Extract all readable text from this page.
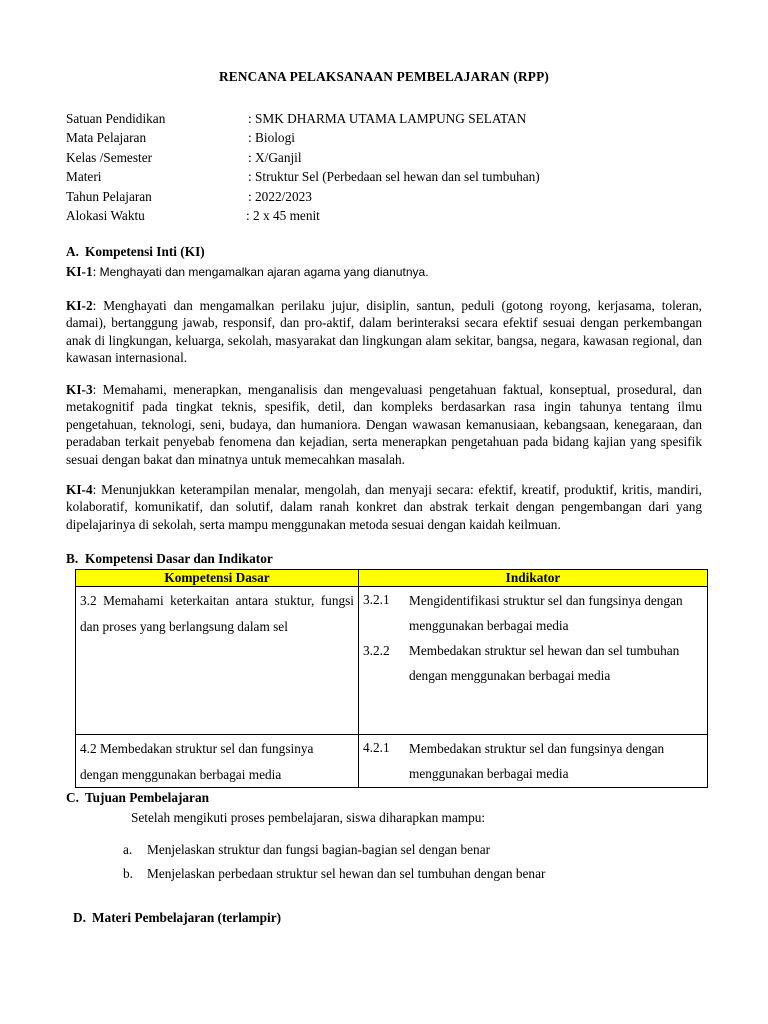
RENCANA PELAKSANAAN PEMBELAJARAN (RPP)
Satuan Pendidikan	: SMK DHARMA UTAMA LAMPUNG SELATAN
Mata Pelajaran	: Biologi
Kelas /Semester	: X/Ganjil
Materi	: Struktur Sel (Perbedaan sel hewan dan sel tumbuhan)
Tahun Pelajaran	: 2022/2023
Alokasi Waktu	: 2 x 45 menit
A. Kompetensi Inti (KI)
KI-1: Menghayati dan mengamalkan ajaran agama yang dianutnya.
KI-2: Menghayati dan mengamalkan perilaku jujur, disiplin, santun, peduli (gotong royong, kerjasama, toleran, damai), bertanggung jawab, responsif, dan pro-aktif, dalam berinteraksi secara efektif sesuai dengan perkembangan anak di lingkungan, keluarga, sekolah, masyarakat dan lingkungan alam sekitar, bangsa, negara, kawasan regional, dan kawasan internasional.
KI-3: Memahami, menerapkan, menganalisis dan mengevaluasi pengetahuan faktual, konseptual, prosedural, dan metakognitif pada tingkat teknis, spesifik, detil, dan kompleks berdasarkan rasa ingin tahunya tentang ilmu pengetahuan, teknologi, seni, budaya, dan humaniora. Dengan wawasan kemanusiaan, kebangsaan, kenegaraan, dan peradaban terkait penyebab fenomena dan kejadian, serta menerapkan pengetahuan pada bidang kajian yang spesifik sesuai dengan bakat dan minatnya untuk memecahkan masalah.
KI-4: Menunjukkan keterampilan menalar, mengolah, dan menyaji secara: efektif, kreatif, produktif, kritis, mandiri, kolaboratif, komunikatif, dan solutif, dalam ranah konkret dan abstrak terkait dengan pengembangan dari yang dipelajarinya di sekolah, serta mampu menggunakan metoda sesuai dengan kaidah keilmuan.
B. Kompetensi Dasar dan Indikator
Kompetensi Dasar	Indikator

3.2 Memahami keterkaitan antara stuktur, fungsi dan proses yang berlangsung dalam sel	3.2.1 Mengidentifikasi struktur sel dan fungsinya dengan menggunakan berbagai media
3.2.2 Membedakan struktur sel hewan dan sel tumbuhan dengan menggunakan berbagai media

4.2 Membedakan struktur sel dan fungsinya dengan menggunakan berbagai media	4.2.1 Membedakan struktur sel dan fungsinya dengan menggunakan berbagai media
C. Tujuan Pembelajaran
Setelah mengikuti proses pembelajaran, siswa diharapkan mampu:
a. Menjelaskan struktur dan fungsi bagian-bagian sel dengan benar
b. Menjelaskan perbedaan struktur sel hewan dan sel tumbuhan dengan benar
D. Materi Pembelajaran (terlampir)
